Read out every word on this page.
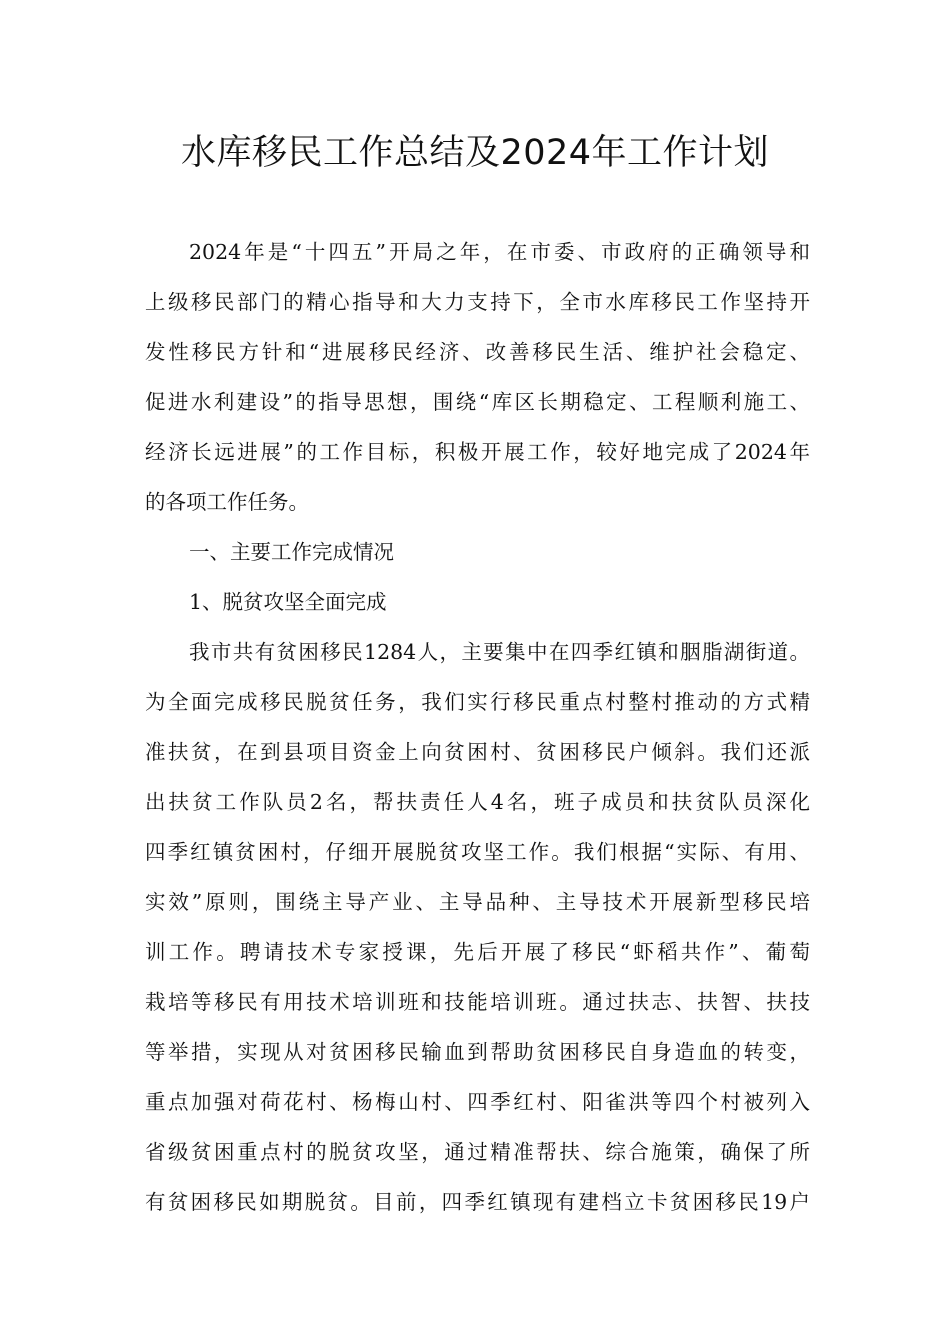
水库移民工作总结及2024年工作计划
2024年是“十四五”开局之年，在市委、市政府的正确领导和
上级移民部门的精心指导和大力支持下，全市水库移民工作坚持开
发性移民方针和“进展移民经济、改善移民生活、维护社会稳定、
促进水利建设”的指导思想，围绕“库区长期稳定、工程顺利施工、
经济长远进展”的工作目标，积极开展工作，较好地完成了2024年
的各项工作任务。
一、主要工作完成情况
1、脱贫攻坚全面完成
我市共有贫困移民1284人，主要集中在四季红镇和胭脂湖街道。
为全面完成移民脱贫任务，我们实行移民重点村整村推动的方式精
准扶贫，在到县项目资金上向贫困村、贫困移民户倾斜。我们还派
出扶贫工作队员2名，帮扶责任人4名，班子成员和扶贫队员深化
四季红镇贫困村，仔细开展脱贫攻坚工作。我们根据“实际、有用、
实效”原则，围绕主导产业、主导品种、主导技术开展新型移民培
训工作。聘请技术专家授课，先后开展了移民“虾稻共作”、葡萄
栽培等移民有用技术培训班和技能培训班。通过扶志、扶智、扶技
等举措，实现从对贫困移民输血到帮助贫困移民自身造血的转变，
重点加强对荷花村、杨梅山村、四季红村、阳雀洪等四个村被列入
省级贫困重点村的脱贫攻坚，通过精准帮扶、综合施策，确保了所
有贫困移民如期脱贫。目前，四季红镇现有建档立卡贫困移民19户
